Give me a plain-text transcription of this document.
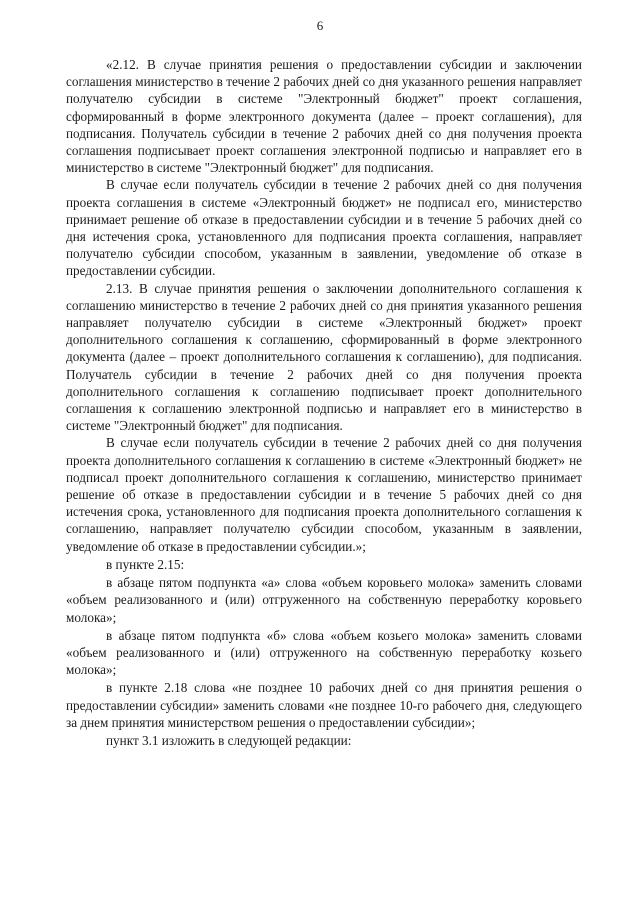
6

«2.12. В случае принятия решения о предоставлении субсидии и заключении соглашения министерство в течение 2 рабочих дней со дня указанного решения направляет получателю субсидии в системе "Электронный бюджет" проект соглашения, сформированный в форме электронного документа (далее – проект соглашения), для подписания. Получатель субсидии в течение 2 рабочих дней со дня получения проекта соглашения подписывает проект соглашения электронной подписью и направляет его в министерство в системе "Электронный бюджет" для подписания.

В случае если получатель субсидии в течение 2 рабочих дней со дня получения проекта соглашения в системе «Электронный бюджет» не подписал его, министерство принимает решение об отказе в предоставлении субсидии и в течение 5 рабочих дней со дня истечения срока, установленного для подписания проекта соглашения, направляет получателю субсидии способом, указанным в заявлении, уведомление об отказе в предоставлении субсидии.

2.13. В случае принятия решения о заключении дополнительного соглашения к соглашению министерство в течение 2 рабочих дней со дня принятия указанного решения направляет получателю субсидии в системе «Электронный бюджет» проект дополнительного соглашения к соглашению, сформированный в форме электронного документа (далее – проект дополнительного соглашения к соглашению), для подписания. Получатель субсидии в течение 2 рабочих дней со дня получения проекта дополнительного соглашения к соглашению подписывает проект дополнительного соглашения к соглашению электронной подписью и направляет его в министерство в системе "Электронный бюджет" для подписания.

В случае если получатель субсидии в течение 2 рабочих дней со дня получения проекта дополнительного соглашения к соглашению в системе «Электронный бюджет» не подписал проект дополнительного соглашения к соглашению, министерство принимает решение об отказе в предоставлении субсидии и в течение 5 рабочих дней со дня истечения срока, установленного для подписания проекта дополнительного соглашения к соглашению, направляет получателю субсидии способом, указанным в заявлении, уведомление об отказе в предоставлении субсидии.»;

в пункте 2.15:

в абзаце пятом подпункта «а» слова «объем коровьего молока» заменить словами «объем реализованного и (или) отгруженного на собственную переработку коровьего молока»;

в абзаце пятом подпункта «б» слова «объем козьего молока» заменить словами «объем реализованного и (или) отгруженного на собственную переработку козьего молока»;

в пункте 2.18 слова «не позднее 10 рабочих дней со дня принятия решения о предоставлении субсидии» заменить словами «не позднее 10-го рабочего дня, следующего за днем принятия министерством решения о предоставлении субсидии»;

пункт 3.1 изложить в следующей редакции:
